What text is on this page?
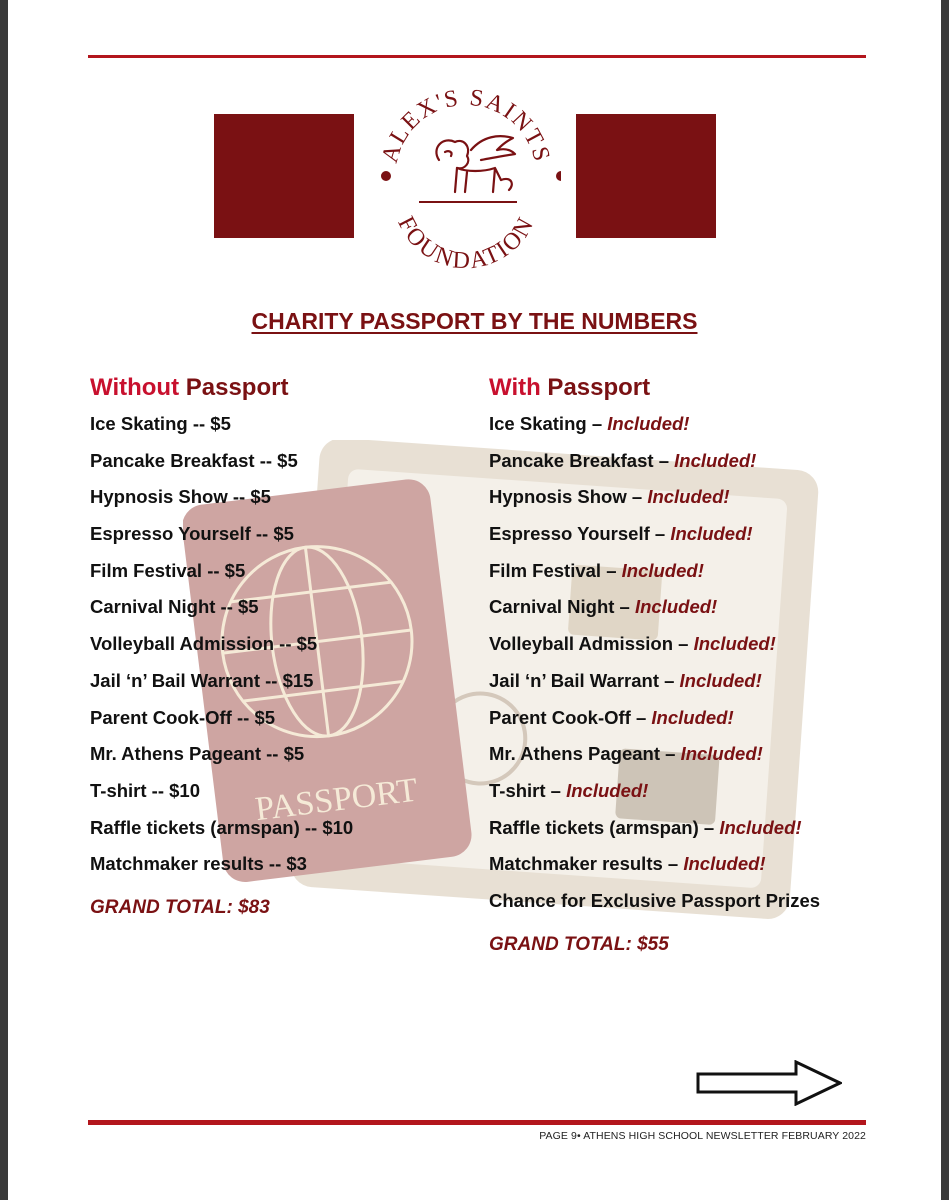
ALEX'S SAINTS
FOUNDATION
CHARITY PASSPORT BY THE NUMBERS
PASSPORT
Without Passport
Ice Skating -- $5
Pancake Breakfast -- $5
Hypnosis Show -- $5
Espresso Yourself -- $5
Film Festival -- $5
Carnival Night -- $5
Volleyball Admission -- $5
Jail ‘n’ Bail Warrant -- $15
Parent Cook-Off -- $5
Mr. Athens Pageant -- $5
T-shirt -- $10
Raffle tickets (armspan) -- $10
Matchmaker results -- $3
GRAND TOTAL: $83
With Passport
Ice Skating – Included!
Pancake Breakfast – Included!
Hypnosis Show – Included!
Espresso Yourself – Included!
Film Festival – Included!
Carnival Night – Included!
Volleyball Admission – Included!
Jail ‘n’ Bail Warrant – Included!
Parent Cook-Off – Included!
Mr. Athens Pageant – Included!
T-shirt – Included!
Raffle tickets (armspan) – Included!
Matchmaker results – Included!
Chance for Exclusive Passport Prizes
GRAND TOTAL: $55
PAGE 9• ATHENS HIGH SCHOOL NEWSLETTER FEBRUARY 2022
